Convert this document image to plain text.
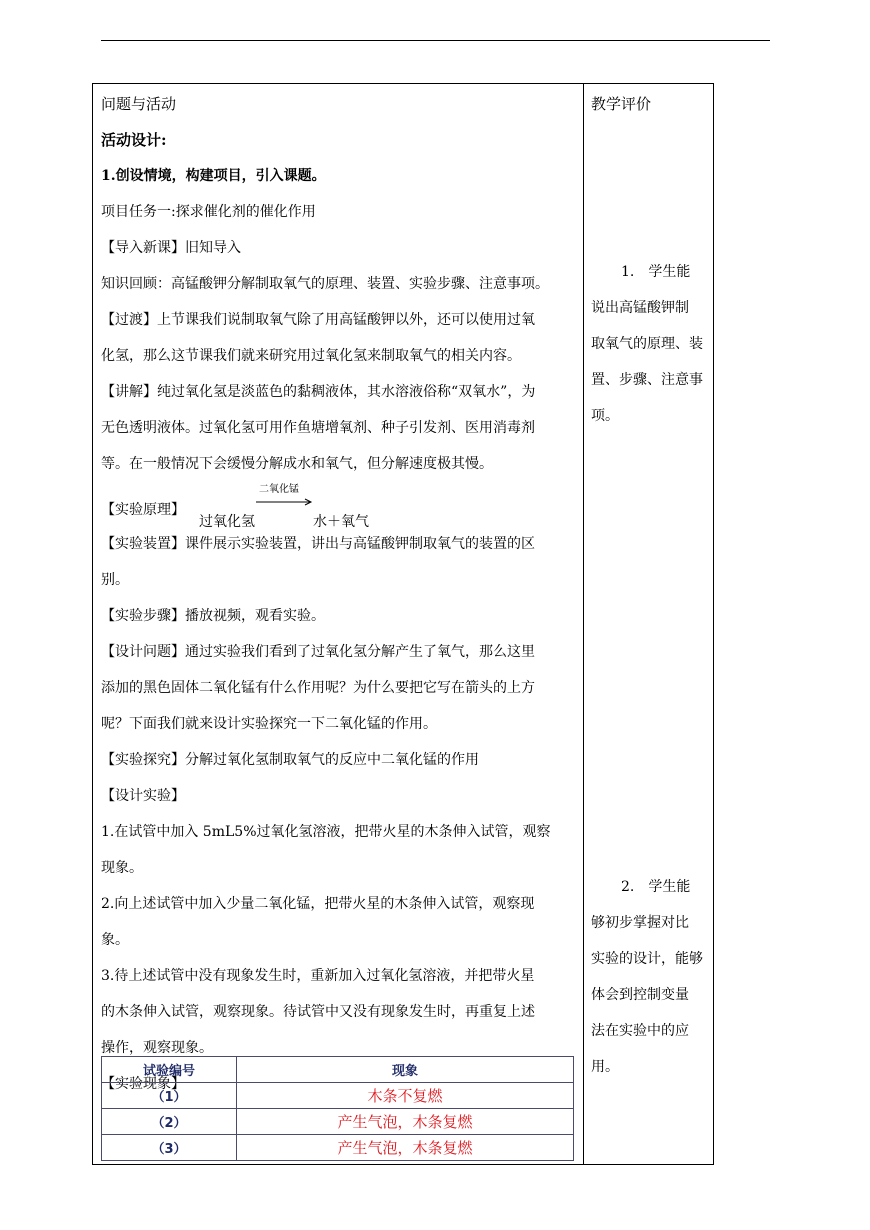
问题与活动
活动设计:
1.创设情境，构建项目，引入课题。
项目任务一:探求催化剂的催化作用
【导入新课】旧知导入
知识回顾：高锰酸钾分解制取氧气的原理、装置、实验步骤、注意事项。
【过渡】上节课我们说制取氧气除了用高锰酸钾以外，还可以使用过氧
化氢，那么这节课我们就来研究用过氧化氢来制取氧气的相关内容。
【讲解】纯过氧化氢是淡蓝色的黏稠液体，其水溶液俗称“双氧水”，为
无色透明液体。过氧化氢可用作鱼塘增氧剂、种子引发剂、医用消毒剂
等。在一般情况下会缓慢分解成水和氧气，但分解速度极其慢。
【实验原理】
过氧化氢
二氧化锰
水＋氧气
【实验装置】课件展示实验装置，讲出与高锰酸钾制取氧气的装置的区
别。
【实验步骤】播放视频，观看实验。
【设计问题】通过实验我们看到了过氧化氢分解产生了氧气，那么这里
添加的黑色固体二氧化锰有什么作用呢？为什么要把它写在箭头的上方
呢？下面我们就来设计实验探究一下二氧化锰的作用。
【实验探究】分解过氧化氢制取氧气的反应中二氧化锰的作用
【设计实验】
1.在试管中加入 5mL5%过氧化氢溶液，把带火星的木条伸入试管，观察
现象。
2.向上述试管中加入少量二氧化锰，把带火星的木条伸入试管，观察现
象。
3.待上述试管中没有现象发生时，重新加入过氧化氢溶液，并把带火星
的木条伸入试管，观察现象。待试管中又没有现象发生时，再重复上述
操作，观察现象。
【实验现象】
教学评价
1.　学生能
说出高锰酸钾制
取氧气的原理、装
置、步骤、注意事
项。
2.　学生能
够初步掌握对比
实验的设计，能够
体会到控制变量
法在实验中的应
用。
试验编号	现象
（1）	木条不复燃
（2）	产生气泡，木条复燃
（3）	产生气泡，木条复燃
